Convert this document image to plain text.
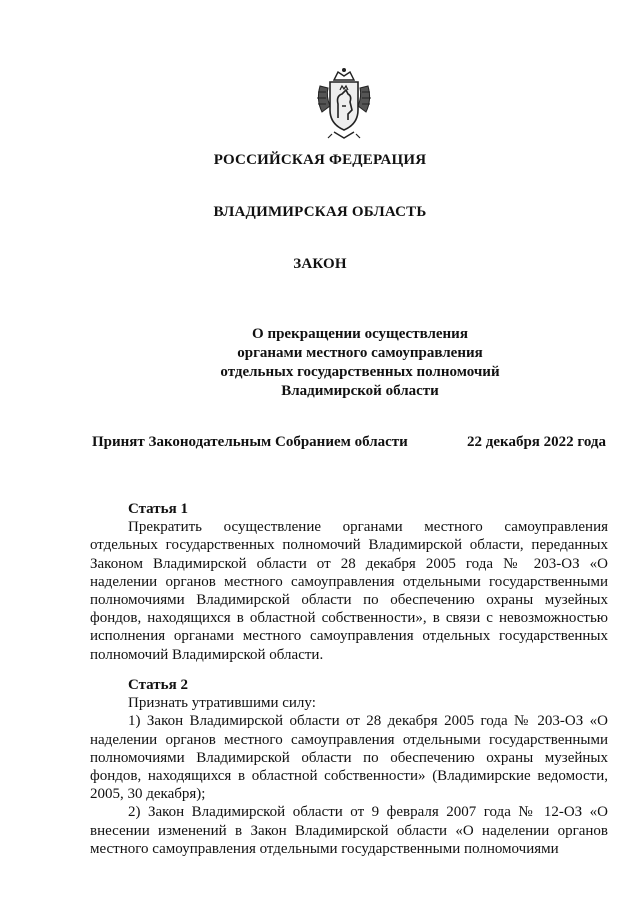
РОССИЙСКАЯ ФЕДЕРАЦИЯ
ВЛАДИМИРСКАЯ ОБЛАСТЬ
ЗАКОН
О прекращении осуществления
органами местного самоуправления
отдельных государственных полномочий
Владимирской области
Принят Законодательным Собранием области	22 декабря 2022 года
Статья 1

Прекратить осуществление органами местного самоуправления отдельных государственных полномочий Владимирской области, переданных Законом Владимирской области от 28 декабря 2005 года № 203-ОЗ «О наделении органов местного самоуправления отдельными государственными полномочиями Владимирской области по обеспечению охраны музейных фондов, находящихся в областной собственности», в связи с невозможностью исполнения органами местного самоуправления отдельных государственных полномочий Владимирской области.

Статья 2

Признать утратившими силу:

1) Закон Владимирской области от 28 декабря 2005 года № 203-ОЗ «О наделении органов местного самоуправления отдельными государственными полномочиями Владимирской области по обеспечению охраны музейных фондов, находящихся в областной собственности» (Владимирские ведомости, 2005, 30 декабря);

2) Закон Владимирской области от 9 февраля 2007 года № 12-ОЗ «О внесении изменений в Закон Владимирской области «О наделении органов местного самоуправления отдельными государственными полномочиями
